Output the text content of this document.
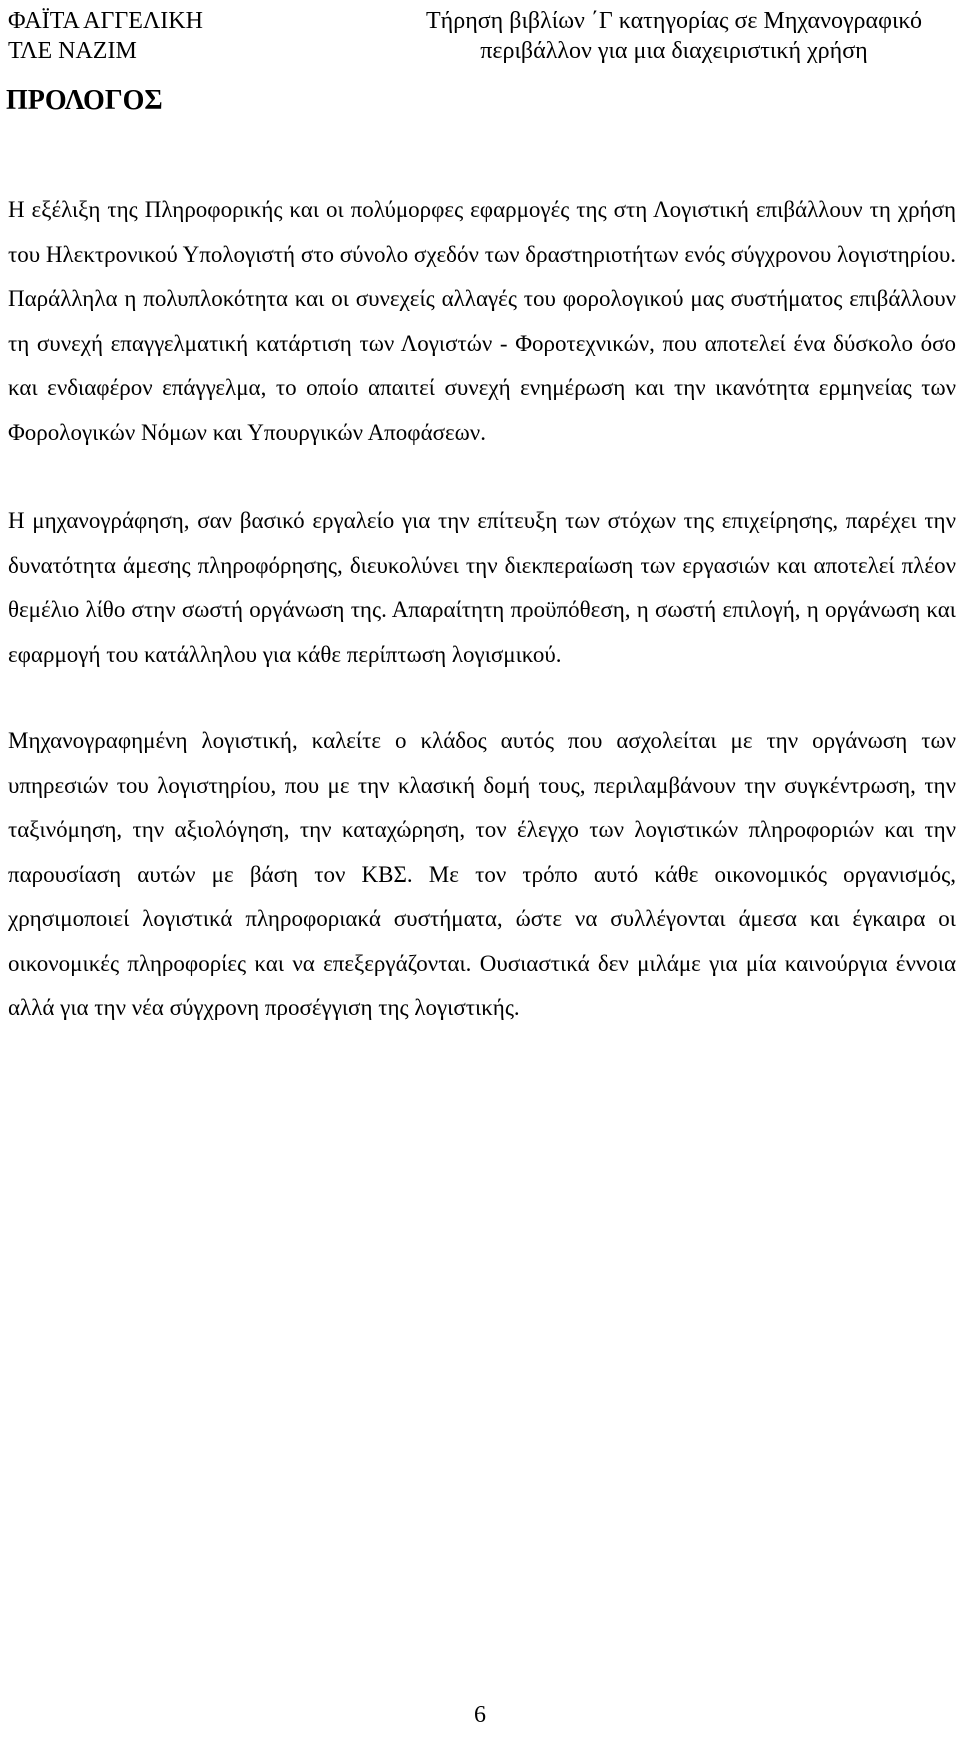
ΦΑΪΤΑ ΑΓΓΕΛΙΚΗ
ΤΛΕ ΝΑΖΙΜ
Τήρηση βιβλίων ΄Γ κατηγορίας σε Μηχανογραφικό
περιβάλλον για μια διαχειριστική χρήση
ΠΡΟΛΟΓΟΣ

Η εξέλιξη της Πληροφορικής και οι πολύμορφες εφαρμογές της στη Λογιστική επιβάλλουν τη χρήση του Ηλεκτρονικού Υπολογιστή στο σύνολο σχεδόν των δραστηριοτήτων ενός σύγχρονου λογιστηρίου. Παράλληλα η πολυπλοκότητα και οι συνεχείς αλλαγές του φορολογικού μας συστήματος επιβάλλουν τη συνεχή επαγγελματική κατάρτιση των Λογιστών - Φοροτεχνικών, που αποτελεί ένα δύσκολο όσο και ενδιαφέρον επάγγελμα, το οποίο απαιτεί συνεχή ενημέρωση και την ικανότητα ερμηνείας των Φορολογικών Νόμων και Υπουργικών Αποφάσεων.

Η μηχανογράφηση, σαν βασικό εργαλείο για την επίτευξη των στόχων της επιχείρησης, παρέχει την δυνατότητα άμεσης πληροφόρησης, διευκολύνει την διεκπεραίωση των εργασιών και αποτελεί πλέον θεμέλιο λίθο στην σωστή οργάνωση της. Απαραίτητη προϋπόθεση, η σωστή επιλογή, η οργάνωση και εφαρμογή του κατάλληλου για κάθε περίπτωση λογισμικού.

Μηχανογραφημένη λογιστική, καλείτε ο κλάδος αυτός που ασχολείται με την οργάνωση των υπηρεσιών του λογιστηρίου, που με την κλασική δομή τους, περιλαμβάνουν την συγκέντρωση, την ταξινόμηση, την αξιολόγηση, την καταχώρηση, τον έλεγχο των λογιστικών πληροφοριών και την παρουσίαση αυτών με βάση τον ΚΒΣ. Με τον τρόπο αυτό κάθε οικονομικός οργανισμός, χρησιμοποιεί λογιστικά πληροφοριακά συστήματα, ώστε να συλλέγονται άμεσα και έγκαιρα οι οικονομικές πληροφορίες και να επεξεργάζονται. Ουσιαστικά δεν μιλάμε για μία καινούργια έννοια αλλά για την νέα σύγχρονη προσέγγιση της λογιστικής.

6
